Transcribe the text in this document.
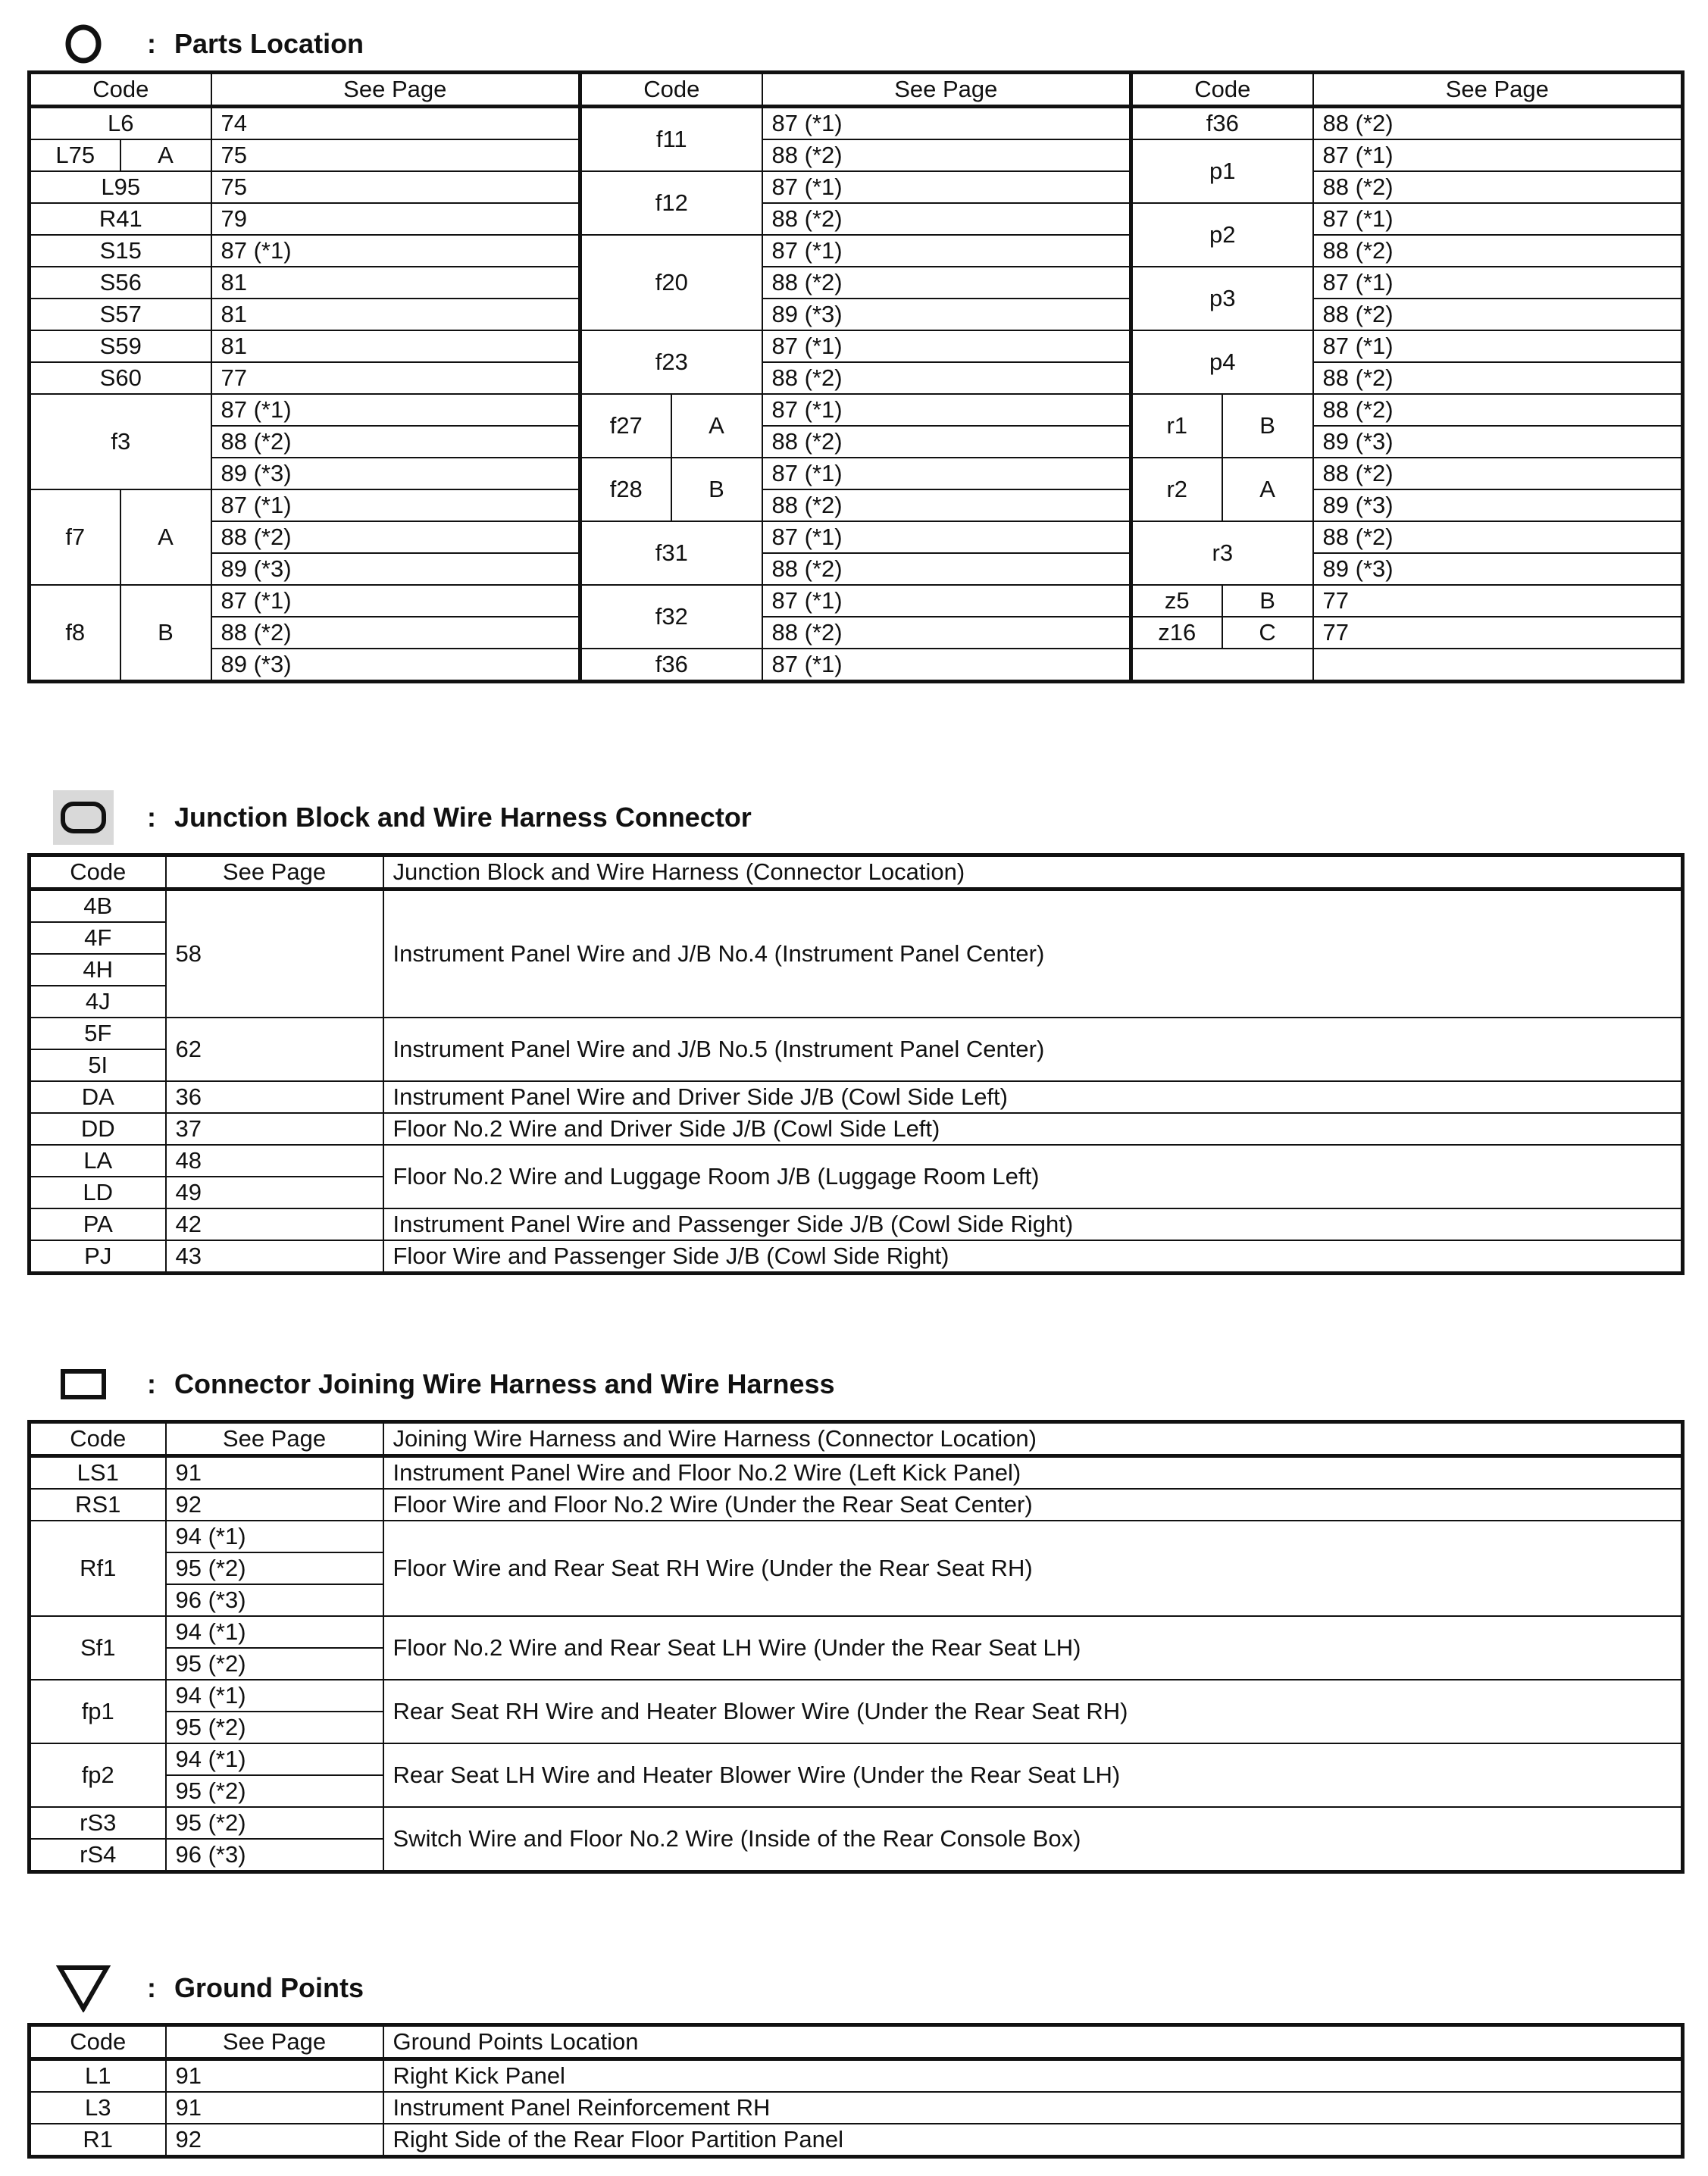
: Parts Location
Code		See Page	Code		See Page	Code		See Page
L6		74	f11		87 (*1)	f36		88 (*2)
L75	A	75			88 (*2)	p1		87 (*1)
L95		75	f12		87 (*1)			88 (*2)
R41		79			88 (*2)	p2		87 (*1)
S15		87 (*1)	f20		87 (*1)			88 (*2)
S56		81			88 (*2)	p3		87 (*1)
S57		81			89 (*3)			88 (*2)
S59		81	f23		87 (*1)	p4		87 (*1)
S60		77			88 (*2)			88 (*2)
f3		87 (*1)	f27	A	87 (*1)	r1	B	88 (*2)
		88 (*2)			88 (*2)			89 (*3)
		89 (*3)	f28	B	87 (*1)	r2	A	88 (*2)
f7	A	87 (*1)			88 (*2)			89 (*3)
		88 (*2)	f31		87 (*1)	r3		88 (*2)
		89 (*3)			88 (*2)			89 (*3)
f8	B	87 (*1)	f32		87 (*1)	z5	B	77
		88 (*2)			88 (*2)	z16	C	77
		89 (*3)	f36		87 (*1)			
: Junction Block and Wire Harness Connector
Code	See Page	Junction Block and Wire Harness (Connector Location)
4B	58	Instrument Panel Wire and J/B No.4 (Instrument Panel Center)
4F		
4H		
4J		
5F	62	Instrument Panel Wire and J/B No.5 (Instrument Panel Center)
5I		
DA	36	Instrument Panel Wire and Driver Side J/B (Cowl Side Left)
DD	37	Floor No.2 Wire and Driver Side J/B (Cowl Side Left)
LA	48	Floor No.2 Wire and Luggage Room J/B (Luggage Room Left)
LD	49	
PA	42	Instrument Panel Wire and Passenger Side J/B (Cowl Side Right)
PJ	43	Floor Wire and Passenger Side J/B (Cowl Side Right)
: Connector Joining Wire Harness and Wire Harness
Code	See Page	Joining Wire Harness and Wire Harness (Connector Location)
LS1	91	Instrument Panel Wire and Floor No.2 Wire (Left Kick Panel)
RS1	92	Floor Wire and Floor No.2 Wire (Under the Rear Seat Center)
Rf1	94 (*1)	Floor Wire and Rear Seat RH Wire (Under the Rear Seat RH)
	95 (*2)	
	96 (*3)	
Sf1	94 (*1)	Floor No.2 Wire and Rear Seat LH Wire (Under the Rear Seat LH)
	95 (*2)	
fp1	94 (*1)	Rear Seat RH Wire and Heater Blower Wire (Under the Rear Seat RH)
	95 (*2)	
fp2	94 (*1)	Rear Seat LH Wire and Heater Blower Wire (Under the Rear Seat LH)
	95 (*2)	
rS3	95 (*2)	Switch Wire and Floor No.2 Wire (Inside of the Rear Console Box)
rS4	96 (*3)	
: Ground Points
Code	See Page	Ground Points Location
L1	91	Right Kick Panel
L3	91	Instrument Panel Reinforcement RH
R1	92	Right Side of the Rear Floor Partition Panel
